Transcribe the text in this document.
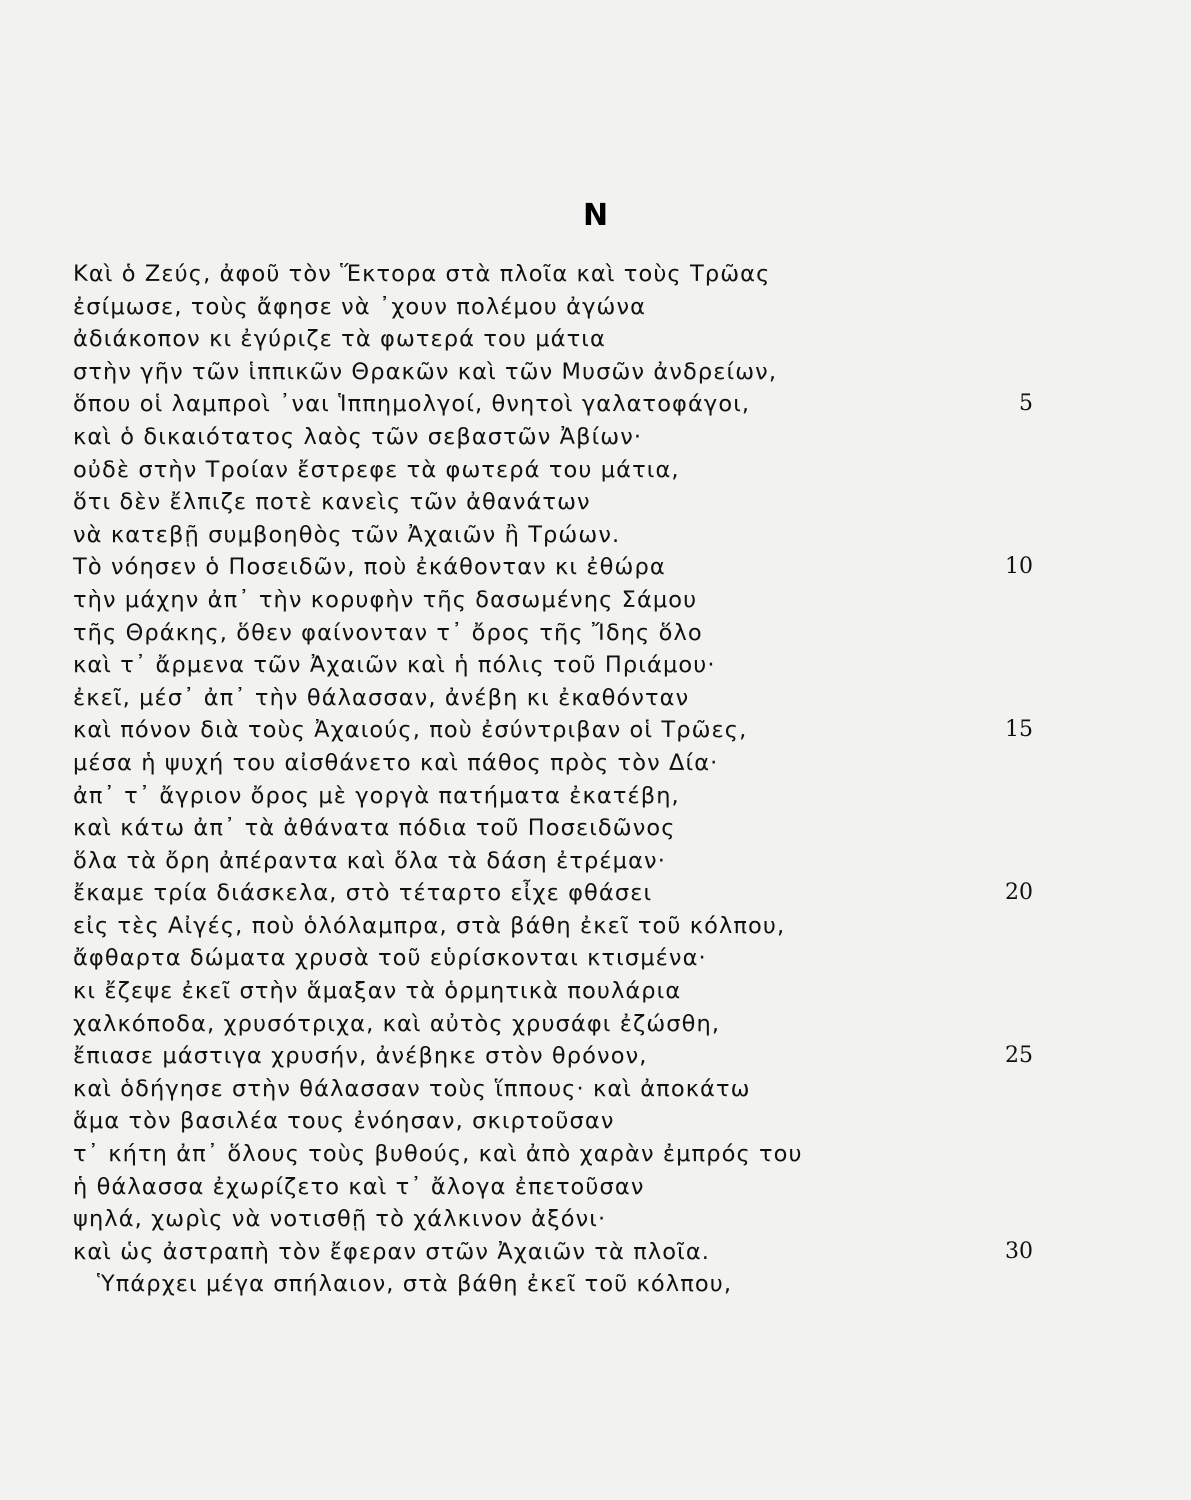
Ν
Καὶ ὁ Ζεύς, ἀφοῦ τὸν Ἕκτορα στὰ πλοῖα καὶ τοὺς Τρῶας
ἐσίμωσε, τοὺς ἄφησε νὰ ᾽χουν πολέμου ἀγώνα
ἀδιάκοπον κι ἐγύριζε τὰ φωτερά του μάτια
στὴν γῆν τῶν ἱππικῶν Θρακῶν καὶ τῶν Μυσῶν ἀνδρείων,
ὅπου οἱ λαμπροὶ ᾽ναι Ἱππημολγοί, θνητοὶ γαλατοφάγοι,	5
καὶ ὁ δικαιότατος λαὸς τῶν σεβαστῶν Ἀβίων·
οὐδὲ στὴν Τροίαν ἔστρεφε τὰ φωτερά του μάτια,
ὅτι δὲν ἔλπιζε ποτὲ κανεὶς τῶν ἀθανάτων
νὰ κατεβῇ συμβοηθὸς τῶν Ἀχαιῶν ἢ Τρώων.
Τὸ νόησεν ὁ Ποσειδῶν, ποὺ ἐκάθονταν κι ἐθώρα	10
τὴν μάχην ἀπ᾽ τὴν κορυφὴν τῆς δασωμένης Σάμου
τῆς Θράκης, ὅθεν φαίνονταν τ᾽ ὄρος τῆς Ἴδης ὅλο
καὶ τ᾽ ἄρμενα τῶν Ἀχαιῶν καὶ ἡ πόλις τοῦ Πριάμου·
ἐκεῖ, μέσ᾽ ἀπ᾽ τὴν θάλασσαν, ἀνέβη κι ἐκαθόνταν
καὶ πόνον διὰ τοὺς Ἀχαιούς, ποὺ ἐσύντριβαν οἱ Τρῶες,	15
μέσα ἡ ψυχή του αἰσθάνετο καὶ πάθος πρὸς τὸν Δία·
ἀπ᾽ τ᾽ ἄγριον ὄρος μὲ γοργὰ πατήματα ἐκατέβη,
καὶ κάτω ἀπ᾽ τὰ ἀθάνατα πόδια τοῦ Ποσειδῶνος
ὅλα τὰ ὄρη ἀπέραντα καὶ ὅλα τὰ δάση ἐτρέμαν·
ἔκαμε τρία διάσκελα, στὸ τέταρτο εἶχε φθάσει	20
εἰς τὲς Αἰγές, ποὺ ὁλόλαμπρα, στὰ βάθη ἐκεῖ τοῦ κόλπου,
ἄφθαρτα δώματα χρυσὰ τοῦ εὑρίσκονται κτισμένα·
κι ἔζεψε ἐκεῖ στὴν ἅμαξαν τὰ ὁρμητικὰ πουλάρια
χαλκόποδα, χρυσότριχα, καὶ αὐτὸς χρυσάφι ἐζώσθη,
ἔπιασε μάστιγα χρυσήν, ἀνέβηκε στὸν θρόνον,	25
καὶ ὁδήγησε στὴν θάλασσαν τοὺς ἵππους· καὶ ἀποκάτω
ἅμα τὸν βασιλέα τους ἐνόησαν, σκιρτοῦσαν
τ᾽ κήτη ἀπ᾽ ὅλους τοὺς βυθούς, καὶ ἀπὸ χαρὰν ἐμπρός του
ἡ θάλασσα ἐχωρίζετο καὶ τ᾽ ἄλογα ἐπετοῦσαν
ψηλά, χωρὶς νὰ νοτισθῇ τὸ χάλκινον ἀξόνι·
καὶ ὡς ἀστραπὴ τὸν ἔφεραν στῶν Ἀχαιῶν τὰ πλοῖα.	30
Ὑπάρχει μέγα σπήλαιον, στὰ βάθη ἐκεῖ τοῦ κόλπου,
